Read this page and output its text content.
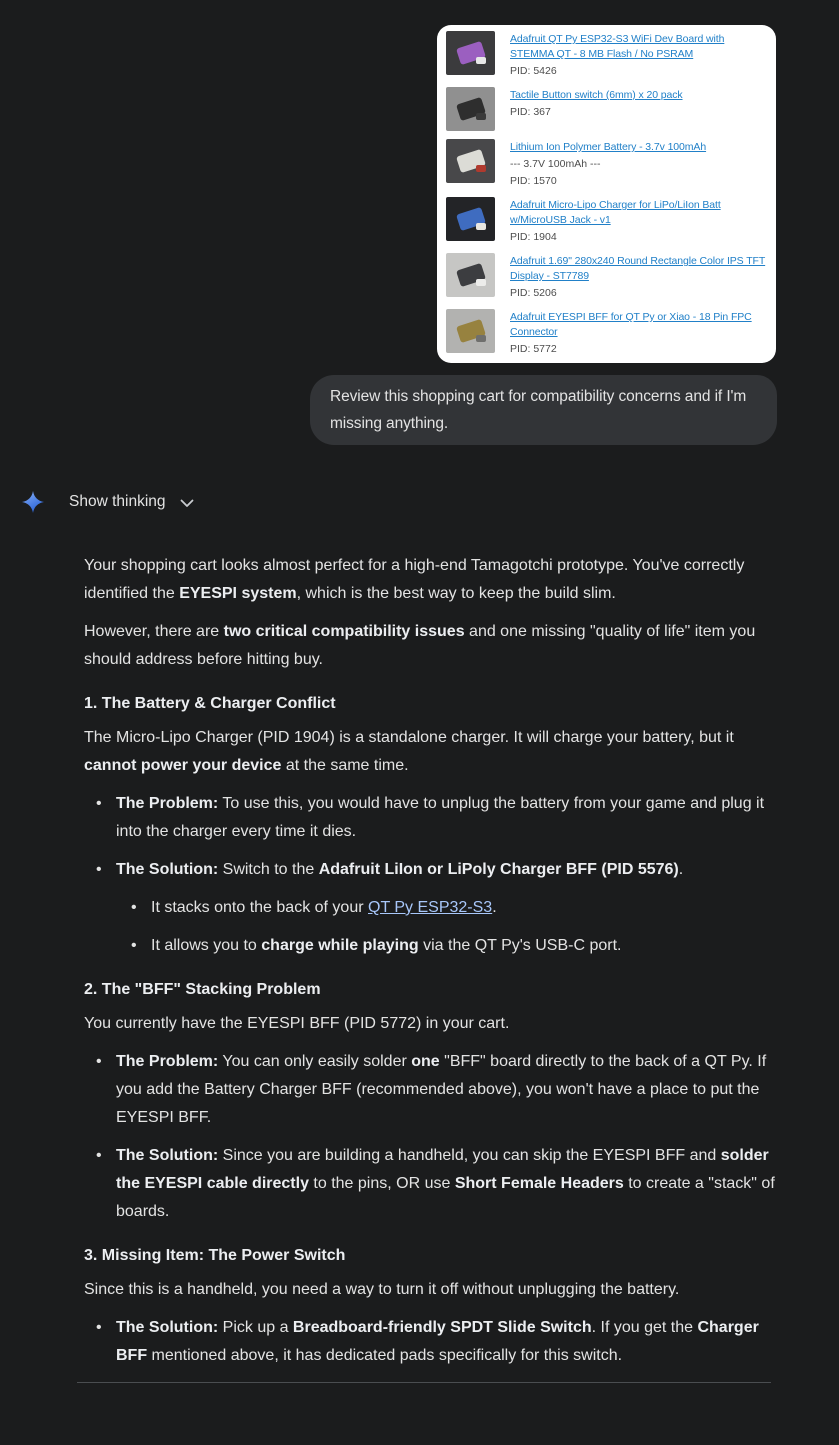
Adafruit QT Py ESP32-S3 WiFi Dev Board with STEMMA QT - 8 MB Flash / No PSRAM
PID: 5426
Tactile Button switch (6mm) x 20 pack
PID: 367
Lithium Ion Polymer Battery - 3.7v 100mAh
--- 3.7V 100mAh ---
PID: 1570
Adafruit Micro-Lipo Charger for LiPo/LiIon Batt w/MicroUSB Jack - v1
PID: 1904
Adafruit 1.69" 280x240 Round Rectangle Color IPS TFT Display - ST7789
PID: 5206
Adafruit EYESPI BFF for QT Py or Xiao - 18 Pin FPC Connector
PID: 5772
Review this shopping cart for compatibility concerns and if I'm missing anything.
Show thinking

Your shopping cart looks almost perfect for a high-end Tamagotchi prototype. You've correctly identified the EYESPI system, which is the best way to keep the build slim.

However, there are two critical compatibility issues and one missing "quality of life" item you should address before hitting buy.

1. The Battery & Charger Conflict

The Micro-Lipo Charger (PID 1904) is a standalone charger. It will charge your battery, but it cannot power your device at the same time.

• The Problem: To use this, you would have to unplug the battery from your game and plug it into the charger every time it dies.
• The Solution: Switch to the Adafruit LiIon or LiPoly Charger BFF (PID 5576).
• It stacks onto the back of your QT Py ESP32-S3.
• It allows you to charge while playing via the QT Py's USB-C port.
2. The "BFF" Stacking Problem

You currently have the EYESPI BFF (PID 5772) in your cart.

• The Problem: You can only easily solder one "BFF" board directly to the back of a QT Py. If you add the Battery Charger BFF (recommended above), you won't have a place to put the EYESPI BFF.
• The Solution: Since you are building a handheld, you can skip the EYESPI BFF and solder the EYESPI cable directly to the pins, OR use Short Female Headers to create a "stack" of boards.
3. Missing Item: The Power Switch

Since this is a handheld, you need a way to turn it off without unplugging the battery.

• The Solution: Pick up a Breadboard-friendly SPDT Slide Switch. If you get the Charger BFF mentioned above, it has dedicated pads specifically for this switch.
